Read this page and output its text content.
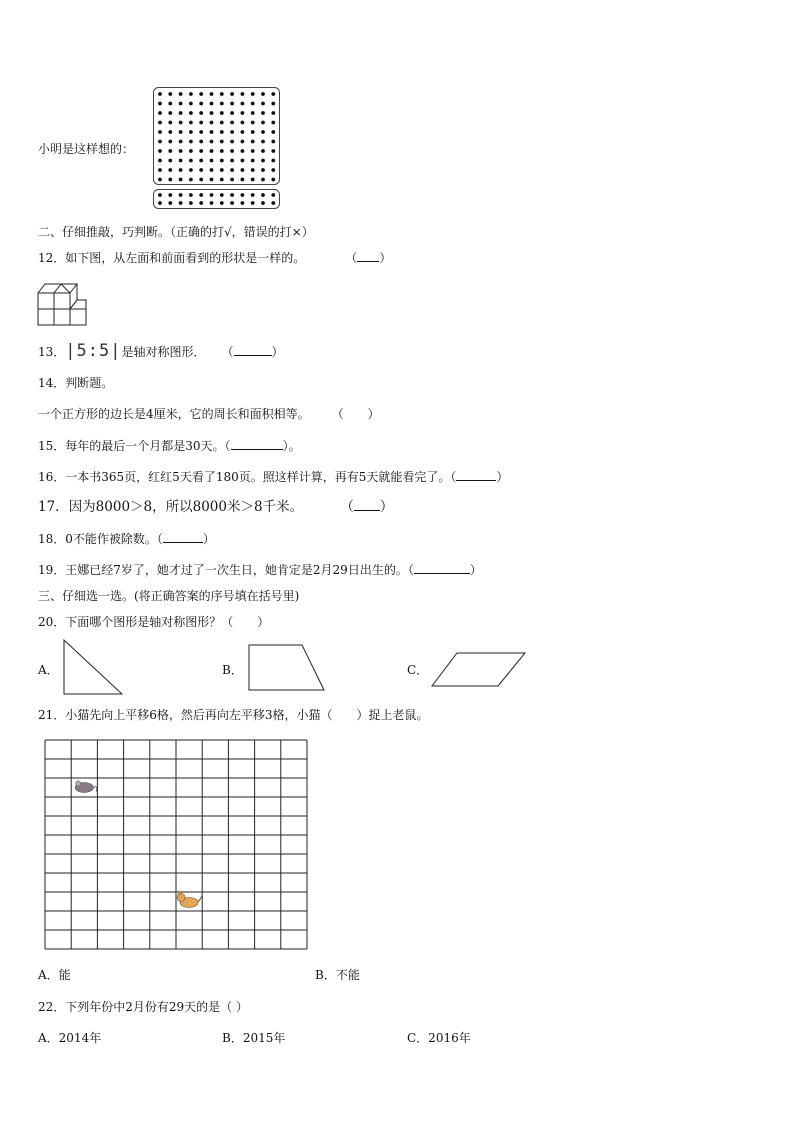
小明是这样想的：
二、仔细推敲，巧判断。（正确的打√，错误的打×）
12．如下图，从左面和前面看到的形状是一样的。	（ ）
13．|5:5|是轴对称图形． （	）
14．判断题。
一个正方形的边长是4厘米，它的周长和面积相等。 （　　）
15．每年的最后一个月都是30天。（	）。
16．一本书365页，红红5天看了180页。照这样计算，再有5天就能看完了。（	）
17．因为8000＞8，所以8000米＞8千米。	（ ）
18．0不能作被除数。（	）
19．王娜已经7岁了，她才过了一次生日，她肯定是2月29日出生的。（	）
三、仔细选一选。(将正确答案的序号填在括号里)
20．下面哪个图形是轴对称图形？（　　）
A．	B．	C．
21．小猫先向上平移6格，然后再向左平移3格，小猫（　　）捉上老鼠。
A．能	B．不能
22．下列年份中2月份有29天的是（ ）
A．2014年	B．2015年	C．2016年
